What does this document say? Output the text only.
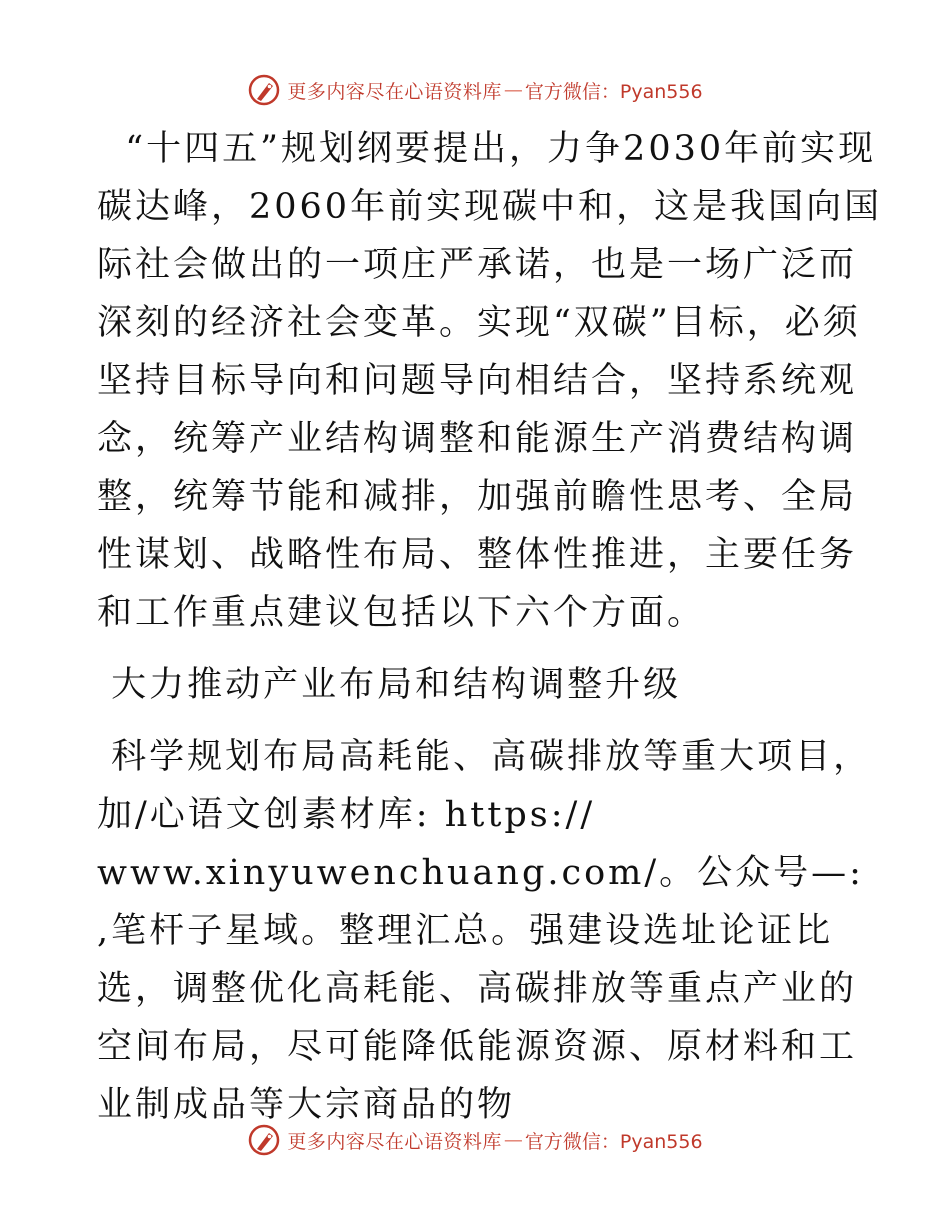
更多内容尽在心语资料库 — 官方微信：Pyan556

“十四五”规划纲要提出，力争2030年前实现碳达峰，2060年前实现碳中和，这是我国向国际社会做出的一项庄严承诺，也是一场广泛而深刻的经济社会变革。实现“双碳”目标，必须坚持目标导向和问题导向相结合，坚持系统观念，统筹产业结构调整和能源生产消费结构调整，统筹节能和减排，加强前瞻性思考、全局性谋划、战略性布局、整体性推进，主要任务和工作重点建议包括以下六个方面。

大力推动产业布局和结构调整升级

科学规划布局高耗能、高碳排放等重大项目，

加/心语文创素材库: https://

www.xinyuwenchuang.com/。公众号—: ,笔杆子星域。整理汇总。强建设选址论证比选，调整优化高耗能、高碳排放等重点产业的空间布局，尽可能降低能源资源、原材料和工业制成品等大宗商品的物

更多内容尽在心语资料库 — 官方微信：Pyan556
